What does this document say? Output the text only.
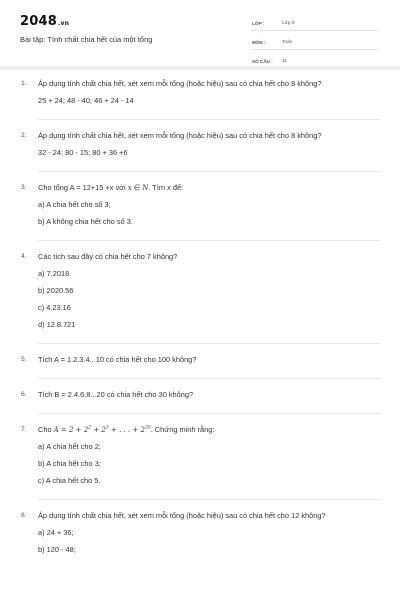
2048.vn
Bài tập: Tính chất chia hết của một tổng
LỚP :	Lớp 6
MÔN :	Toán
SỐ CÂU :	11
1. Áp dụng tính chất chia hết, xét xem mỗi tổng (hoặc hiệu) sau có chia hết cho 8 không?
25 + 24; 48 - 40; 46 + 24 - 14
2. Áp dụng tính chất chia hết, xét xem mỗi tổng (hoặc hiệu) sau có chia hết cho 8 không?
32 - 24; 80 - 15; 80 + 36 +6
3. Cho tổng A = 12+15 +x với x ∈ N. Tìm x để:
a) A chia hết cho số 3;
b) A không chia hết cho số 3.
4. Các tích sau đây có chia hết cho 7 không?
a) 7.2018
b) 2020.56
c) 4.23.16
d) 12.8.721
5. Tích A = 1.2.3.4...10 có chia hết cho 100 không?
6. Tích B = 2.4.6.8...20 có chia hết cho 30 không?
7. Cho $A = 2 + 2^2 + 2^3$ + . . . + $2^{20}$. Chứng minh rằng:
a) A chia hết cho 2;
b) A chia hết cho 3;
c) A chia hết cho 5.
8. Áp dụng tính chất chia hết, xét xem mỗi tổng (hoặc hiệu) sau có chia hết cho 12 không?
a) 24 + 36;
b) 120 - 48;
